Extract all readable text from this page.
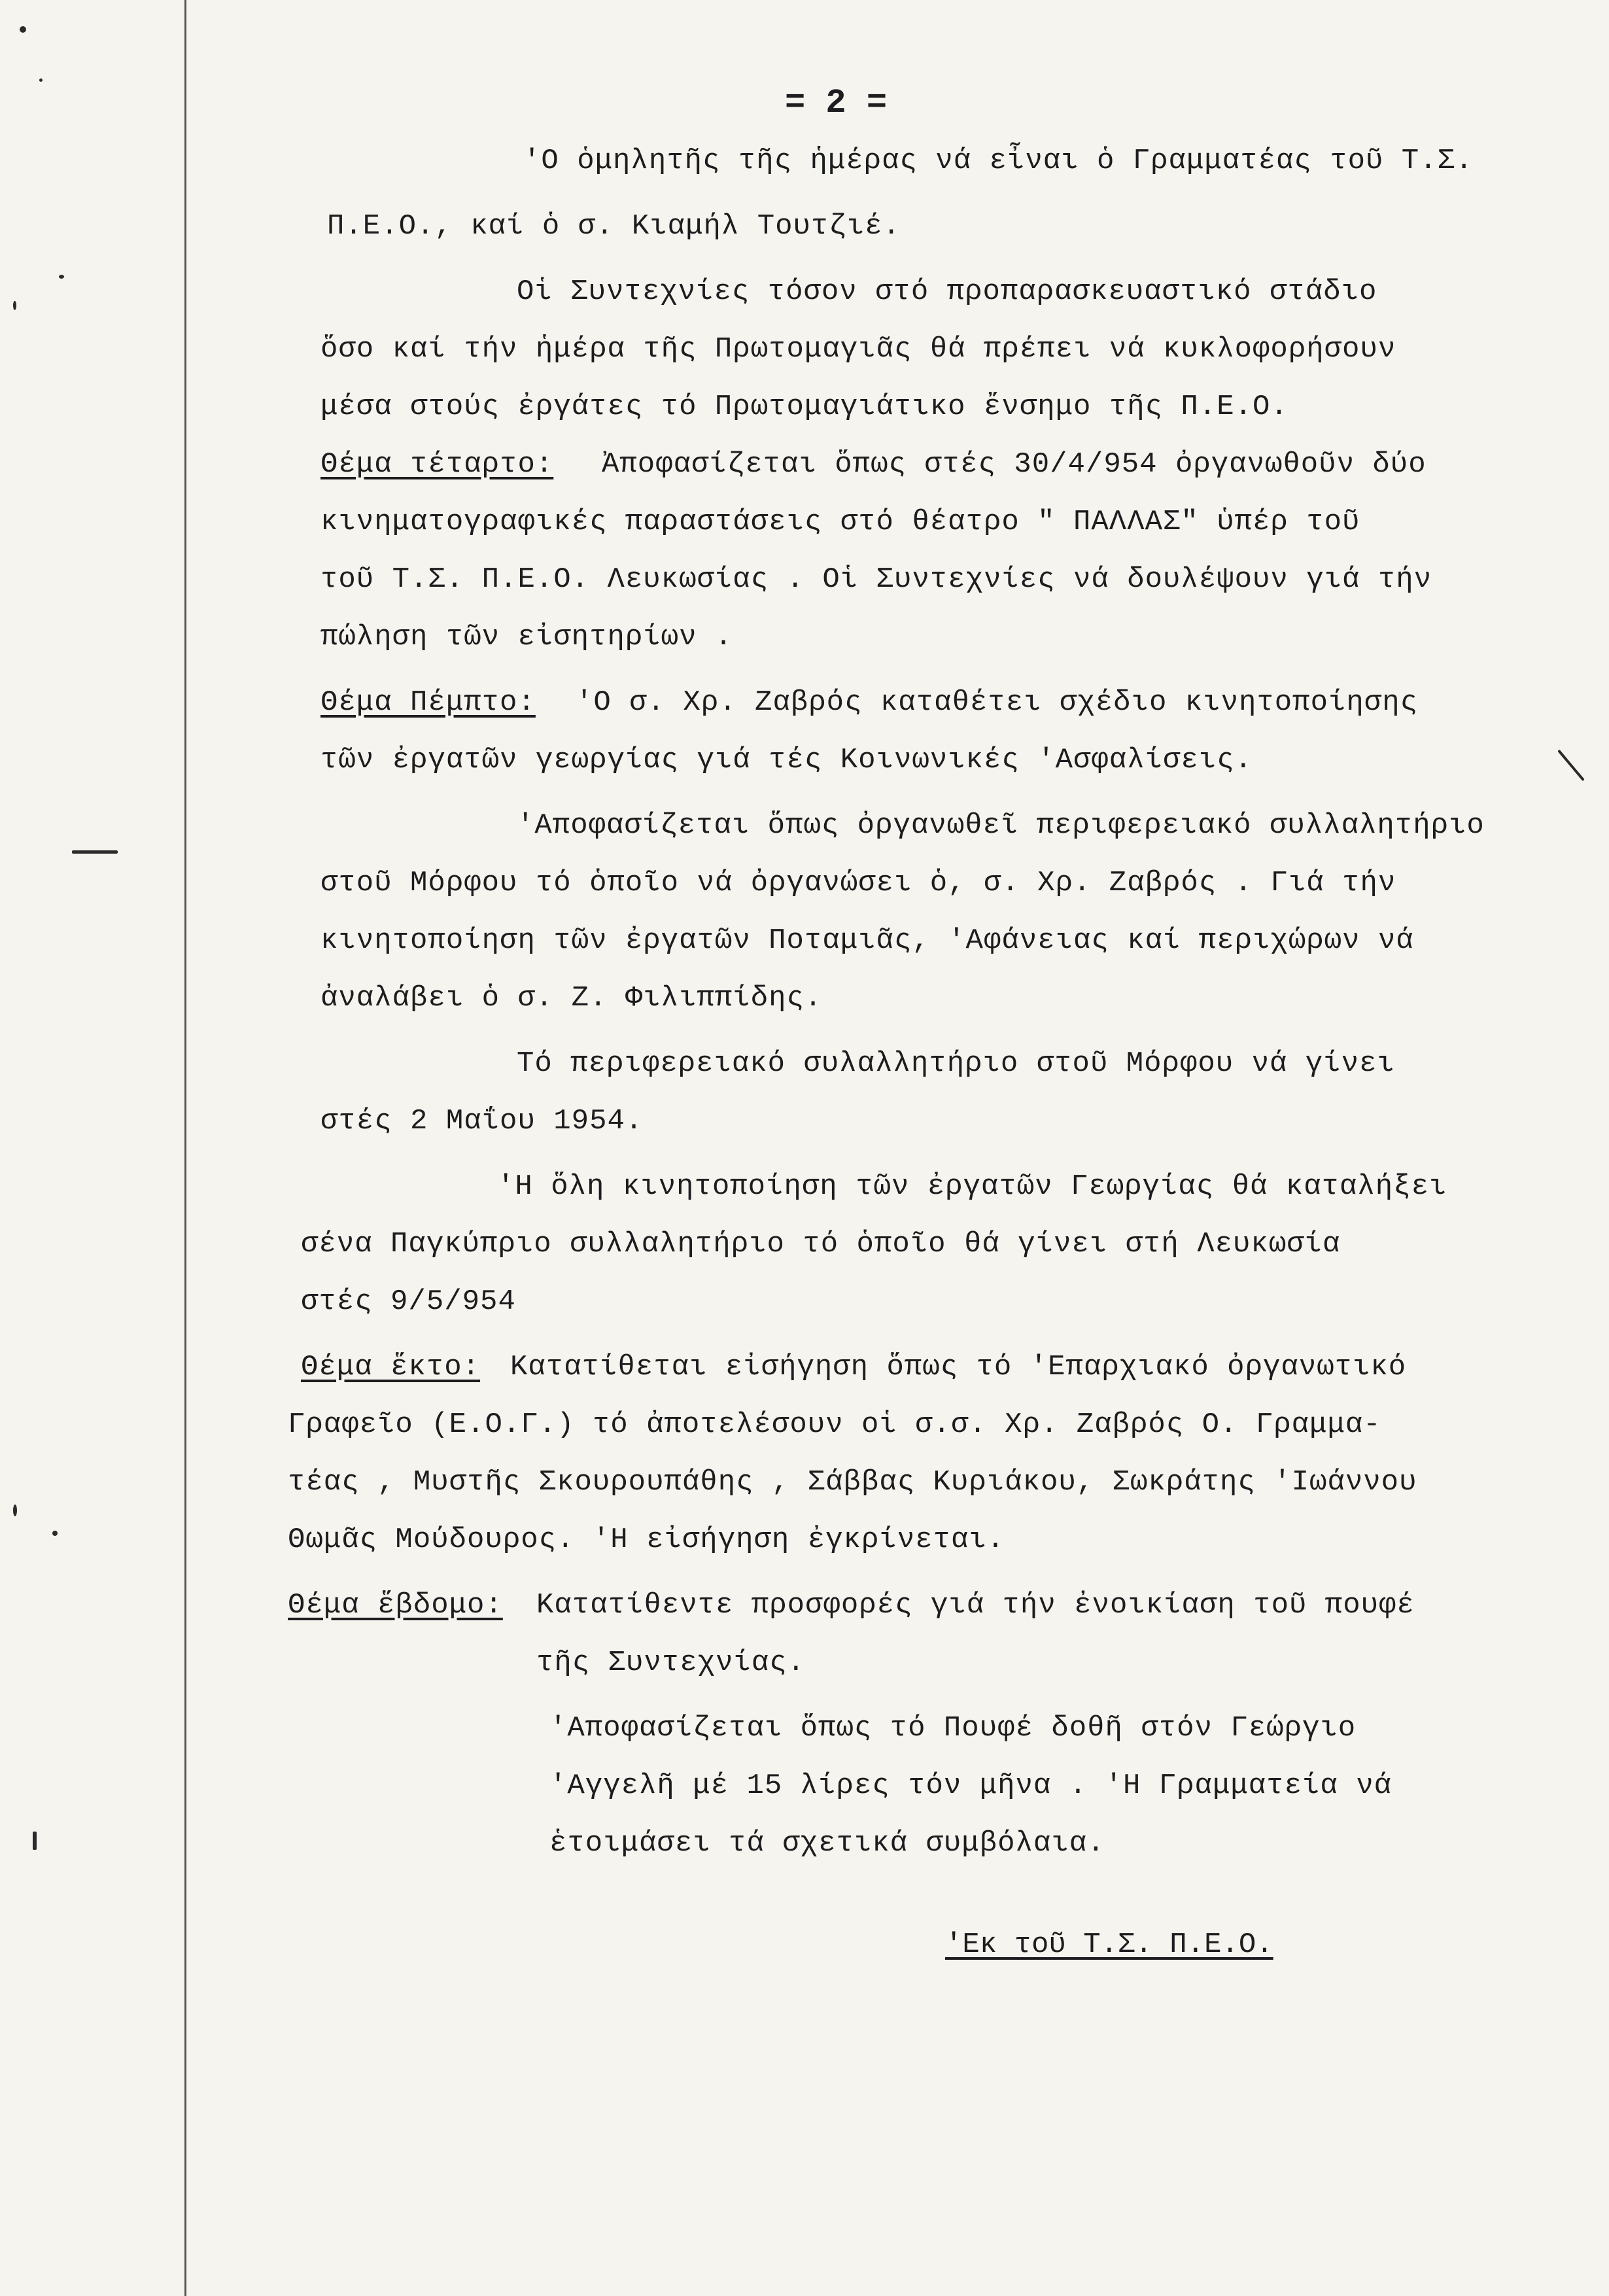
= 2 =
'Ο ὁμηλητῆς τῆς ἡμέρας νά εἶναι ὁ Γραμματέας τοῦ Τ.Σ.
Π.Ε.Ο., καί ὁ σ. Κιαμήλ Τουτζιέ.
Οἱ Συντεχνίες τόσον στό προπαρασκευαστικό στάδιο
ὅσο καί τήν ἡμέρα τῆς Πρωτομαγιᾶς θά πρέπει νά κυκλοφορήσουν
μέσα στούς ἐργάτες τό Πρωτομαγιάτικο ἔνσημο τῆς Π.Ε.Ο.
Θέμα τέταρτο: Ἀποφασίζεται ὅπως στές 30/4/954 ὀργανωθοῦν δύο
κινηματογραφικές παραστάσεις στό θέατρο " ΠΑΛΛΑΣ" ὑπέρ τοῦ
τοῦ Τ.Σ. Π.Ε.Ο. Λευκωσίας . Οἱ Συντεχνίες νά δουλέψουν γιά τήν
πώληση τῶν εἰσητηρίων .
Θέμα Πέμπτο: 'Ο σ. Χρ. Ζαβρός καταθέτει σχέδιο κινητοποίησης
τῶν ἐργατῶν γεωργίας γιά τές Κοινωνικές 'Ασφαλίσεις.
'Αποφασίζεται ὅπως ὀργανωθεῖ περιφερειακό συλλαλητήριο
στοῦ Μόρφου τό ὁποῖο νά ὀργανώσει ὁ, σ. Χρ. Ζαβρός . Γιά τήν
κινητοποίηση τῶν ἐργατῶν Ποταμιᾶς, 'Αφάνειας καί περιχώρων νά
ἀναλάβει ὁ σ. Ζ. Φιλιππίδης.
Τό περιφερειακό συλαλλητήριο στοῦ Μόρφου νά γίνει
στές 2 Μαΐου 1954.
'Η ὅλη κινητοποίηση τῶν ἐργατῶν Γεωργίας θά καταλήξει
σένα Παγκύπριο συλλαλητήριο τό ὁποῖο θά γίνει στή Λευκωσία
στές 9/5/954
Θέμα ἕκτο: Κατατίθεται εἰσήγηση ὅπως τό 'Επαρχιακό ὀργανωτικό
Γραφεῖο (Ε.Ο.Γ.) τό ἀποτελέσουν οἱ σ.σ. Χρ. Ζαβρός Ο. Γραμμα-
τέας , Μυστῆς Σκουρουπάθης , Σάββας Κυριάκου, Σωκράτης 'Ιωάννου
Θωμᾶς Μούδουρος. 'Η εἰσήγηση ἐγκρίνεται.
Θέμα ἕβδομο: Κατατίθεντε προσφορές γιά τήν ἐνοικίαση τοῦ πουφέ
τῆς Συντεχνίας.
'Αποφασίζεται ὅπως τό Πουφέ δοθῆ στόν Γεώργιο
'Αγγελῆ μέ 15 λίρες τόν μῆνα . 'Η Γραμματεία νά
ἑτοιμάσει τά σχετικά συμβόλαια.
'Εκ τοῦ Τ.Σ. Π.Ε.Ο.
